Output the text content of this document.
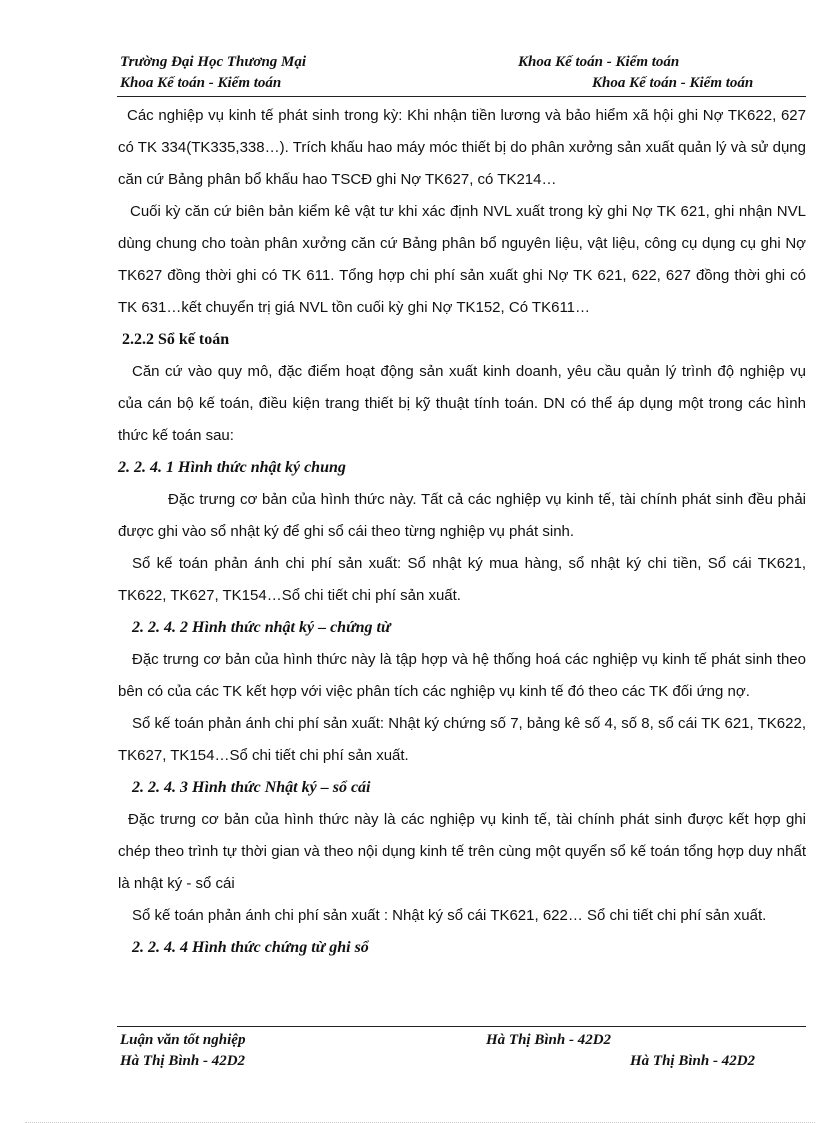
Trường Đại Học Thương Mại	Khoa Kế toán - Kiểm toán
Khoa Kế toán - Kiểm toán	Khoa Kế toán - Kiểm toán

Các nghiệp vụ kinh tế phát sinh trong kỳ: Khi nhận tiền lương và bảo hiểm xã hội ghi Nợ TK622, 627 có TK 334(TK335,338…). Trích khấu hao máy móc thiết bị do phân xưởng sản xuất quản lý và sử dụng căn cứ Bảng phân bổ khấu hao TSCĐ ghi Nợ TK627, có TK214…

Cuối kỳ căn cứ biên bản kiểm kê vật tư khi xác định NVL xuất trong kỳ ghi Nợ TK 621, ghi nhận NVL dùng chung cho toàn phân xưởng căn cứ Bảng phân bổ nguyên liệu, vật liệu, công cụ dụng cụ ghi Nợ TK627 đồng thời ghi có TK 611. Tổng hợp chi phí sản xuất ghi Nợ TK 621, 622, 627 đồng thời ghi có TK 631…kết chuyển trị giá NVL tồn cuối kỳ ghi Nợ TK152, Có TK611…

2.2.2 Sổ kế toán

Căn cứ vào quy mô, đặc điểm hoạt động sản xuất kinh doanh, yêu cầu quản lý trình độ nghiệp vụ của cán bộ kế toán, điều kiện trang thiết bị kỹ thuật tính toán. DN có thể áp dụng một trong các hình thức kế toán sau:

2. 2. 4. 1 Hình thức nhật ký chung

Đặc trưng cơ bản của hình thức này. Tất cả các nghiệp vụ kinh tế, tài chính phát sinh đều phải được ghi vào sổ nhật ký để ghi sổ cái theo từng nghiệp vụ phát sinh.

Sổ kế toán phản ánh chi phí sản xuất: Sổ nhật ký mua hàng, sổ nhật ký chi tiền, Sổ cái TK621, TK622, TK627, TK154…Sổ chi tiết chi phí sản xuất.

2. 2. 4. 2 Hình thức nhật ký – chứng từ

Đặc trưng cơ bản của hình thức này là tập hợp và hệ thống hoá các nghiệp vụ kinh tế phát sinh theo bên có của các TK kết hợp với việc phân tích các nghiệp vụ kinh tế đó theo các TK đối ứng nợ.

Sổ kế toán phản ánh chi phí sản xuất: Nhật ký chứng số 7, bảng kê số 4, số 8, sổ cái TK 621, TK622, TK627, TK154…Sổ chi tiết chi phí sản xuất.

2. 2. 4. 3 Hình thức Nhật ký – sổ cái

Đặc trưng cơ bản của hình thức này là các nghiệp vụ kinh tế, tài chính phát sinh được kết hợp ghi chép theo trình tự thời gian và theo nội dụng kinh tế trên cùng một quyển sổ kế toán tổng hợp duy nhất là nhật ký - sổ cái

Sổ kế toán phản ánh chi phí sản xuất : Nhật ký sổ cái TK621, 622… Sổ chi tiết chi phí sản xuất.

2. 2. 4. 4 Hình thức chứng từ ghi sổ

Luận văn tốt nghiệp	Hà Thị Bình - 42D2
Hà Thị Bình - 42D2	Hà Thị Bình - 42D2
